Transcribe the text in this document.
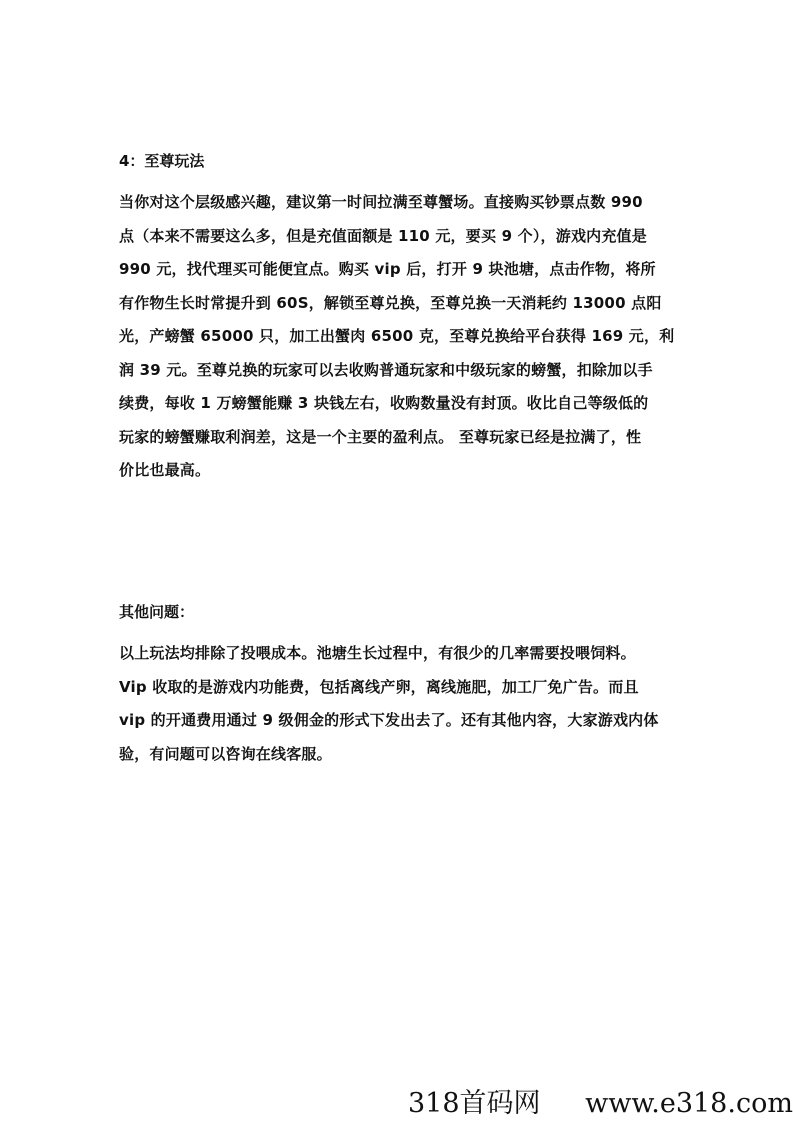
4：至尊玩法

当你对这个层级感兴趣，建议第一时间拉满至尊蟹场。直接购买钞票点数 990
点（本来不需要这么多，但是充值面额是 110 元，要买 9 个），游戏内充值是
990 元，找代理买可能便宜点。购买 vip 后，打开 9 块池塘，点击作物，将所
有作物生长时常提升到 60S，解锁至尊兑换，至尊兑换一天消耗约 13000 点阳
光，产螃蟹 65000 只，加工出蟹肉 6500 克，至尊兑换给平台获得 169 元，利
润 39 元。至尊兑换的玩家可以去收购普通玩家和中级玩家的螃蟹，扣除加以手
续费，每收 1 万螃蟹能赚 3 块钱左右，收购数量没有封顶。收比自己等级低的
玩家的螃蟹赚取利润差，这是一个主要的盈利点。 至尊玩家已经是拉满了，性
价比也最高。

其他问题：

以上玩法均排除了投喂成本。池塘生长过程中，有很少的几率需要投喂饲料。
Vip 收取的是游戏内功能费，包括离线产卵，离线施肥，加工厂免广告。而且
vip 的开通费用通过 9 级佣金的形式下发出去了。还有其他内容，大家游戏内体
验，有问题可以咨询在线客服。

318首码网 www.e318.com
